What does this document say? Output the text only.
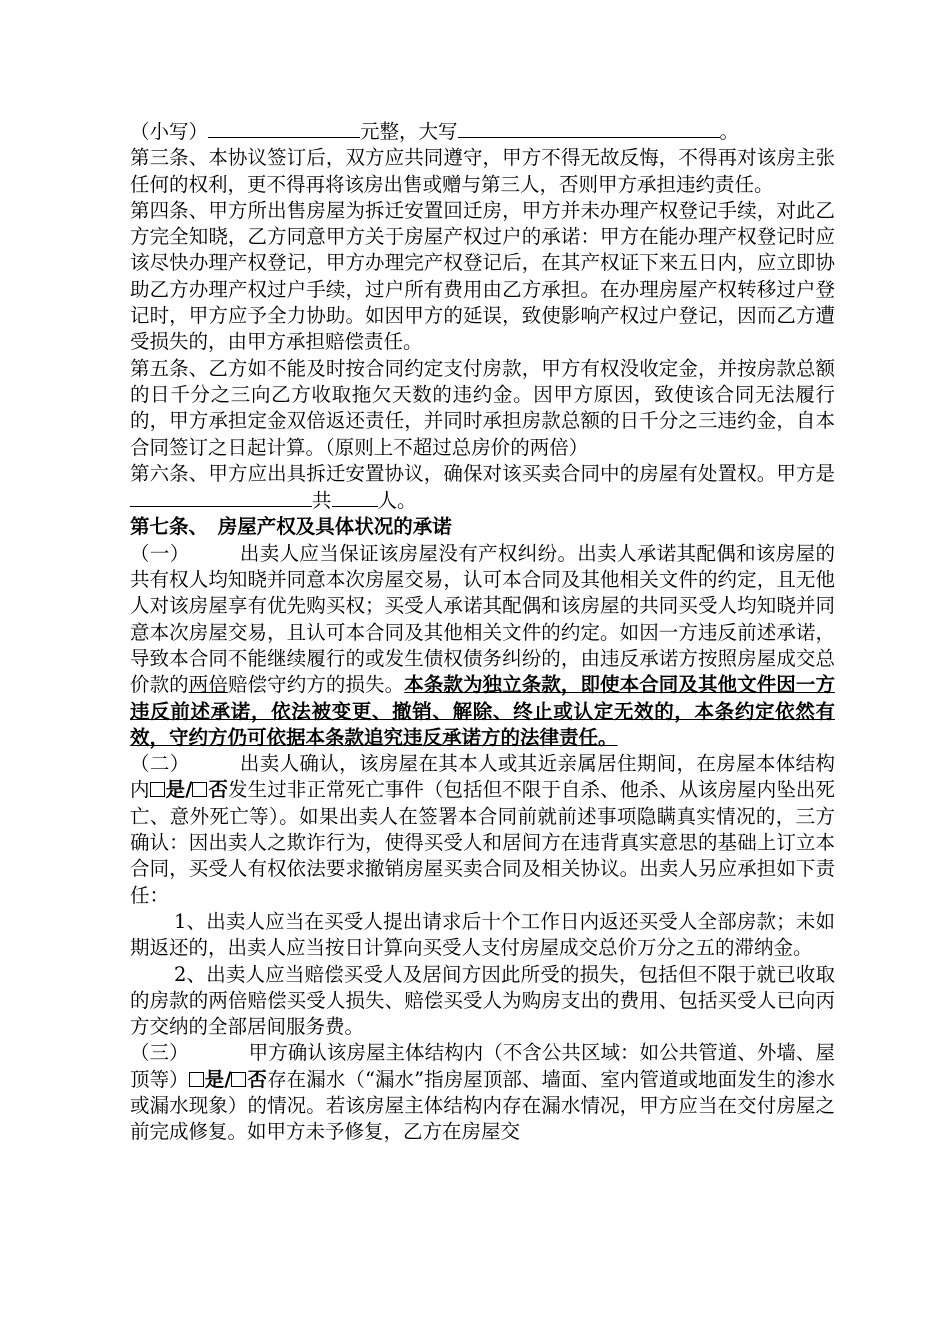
（小写）	元整，大写	。

第三条、本协议签订后，双方应共同遵守，甲方不得无故反悔，不得再对该房主张任何的权利，更不得再将该房出售或赠与第三人，否则甲方承担违约责任。

第四条、甲方所出售房屋为拆迁安置回迁房，甲方并未办理产权登记手续，对此乙方完全知晓，乙方同意甲方关于房屋产权过户的承诺：甲方在能办理产权登记时应该尽快办理产权登记，甲方办理完产权登记后，在其产权证下来五日内，应立即协助乙方办理产权过户手续，过户所有费用由乙方承担。在办理房屋产权转移过户登记时，甲方应予全力协助。如因甲方的延误，致使影响产权过户登记，因而乙方遭受损失的，由甲方承担赔偿责任。

第五条、乙方如不能及时按合同约定支付房款，甲方有权没收定金，并按房款总额的日千分之三向乙方收取拖欠天数的违约金。因甲方原因，致使该合同无法履行的，甲方承担定金双倍返还责任，并同时承担房款总额的日千分之三违约金，自本合同签订之日起计算。（原则上不超过总房价的两倍）

第六条、甲方应出具拆迁安置协议，确保对该买卖合同中的房屋有处置权。甲方是共 人。

第七条、　房屋产权及具体状况的承诺

（一）	出卖人应当保证该房屋没有产权纠纷。出卖人承诺其配偶和该房屋的共有权人均知晓并同意本次房屋交易，认可本合同及其他相关文件的约定，且无他人对该房屋享有优先购买权；买受人承诺其配偶和该房屋的共同买受人均知晓并同意本次房屋交易，且认可本合同及其他相关文件的约定。如因一方违反前述承诺，导致本合同不能继续履行的或发生债权债务纠纷的，由违反承诺方按照房屋成交总价款的两倍赔偿守约方的损失。本条款为独立条款，即使本合同及其他文件因一方违反前述承诺，依法被变更、撤销、解除、终止或认定无效的，本条约定依然有效，守约方仍可依据本条款追究违反承诺方的法律责任。

（二）	出卖人确认，该房屋在其本人或其近亲属居住期间，在房屋本体结构内 是/ 否发生过非正常死亡事件（包括但不限于自杀、他杀、从该房屋内坠出死亡、意外死亡等）。如果出卖人在签署本合同前就前述事项隐瞒真实情况的，三方确认：因出卖人之欺诈行为，使得买受人和居间方在违背真实意思的基础上订立本合同，买受人有权依法要求撤销房屋买卖合同及相关协议。出卖人另应承担如下责任：

1、出卖人应当在买受人提出请求后十个工作日内返还买受人全部房款；未如期返还的，出卖人应当按日计算向买受人支付房屋成交总价万分之五的滞纳金。

2、出卖人应当赔偿买受人及居间方因此所受的损失，包括但不限于就已收取的房款的两倍赔偿买受人损失、赔偿买受人为购房支出的费用、包括买受人已向丙方交纳的全部居间服务费。

（三）	甲方确认该房屋主体结构内（不含公共区域：如公共管道、外墙、屋顶等） 是/ 否存在漏水（“漏水”指房屋顶部、墙面、室内管道或地面发生的渗水或漏水现象）的情况。若该房屋主体结构内存在漏水情况，甲方应当在交付房屋之前完成修复。如甲方未予修复，乙方在房屋交
